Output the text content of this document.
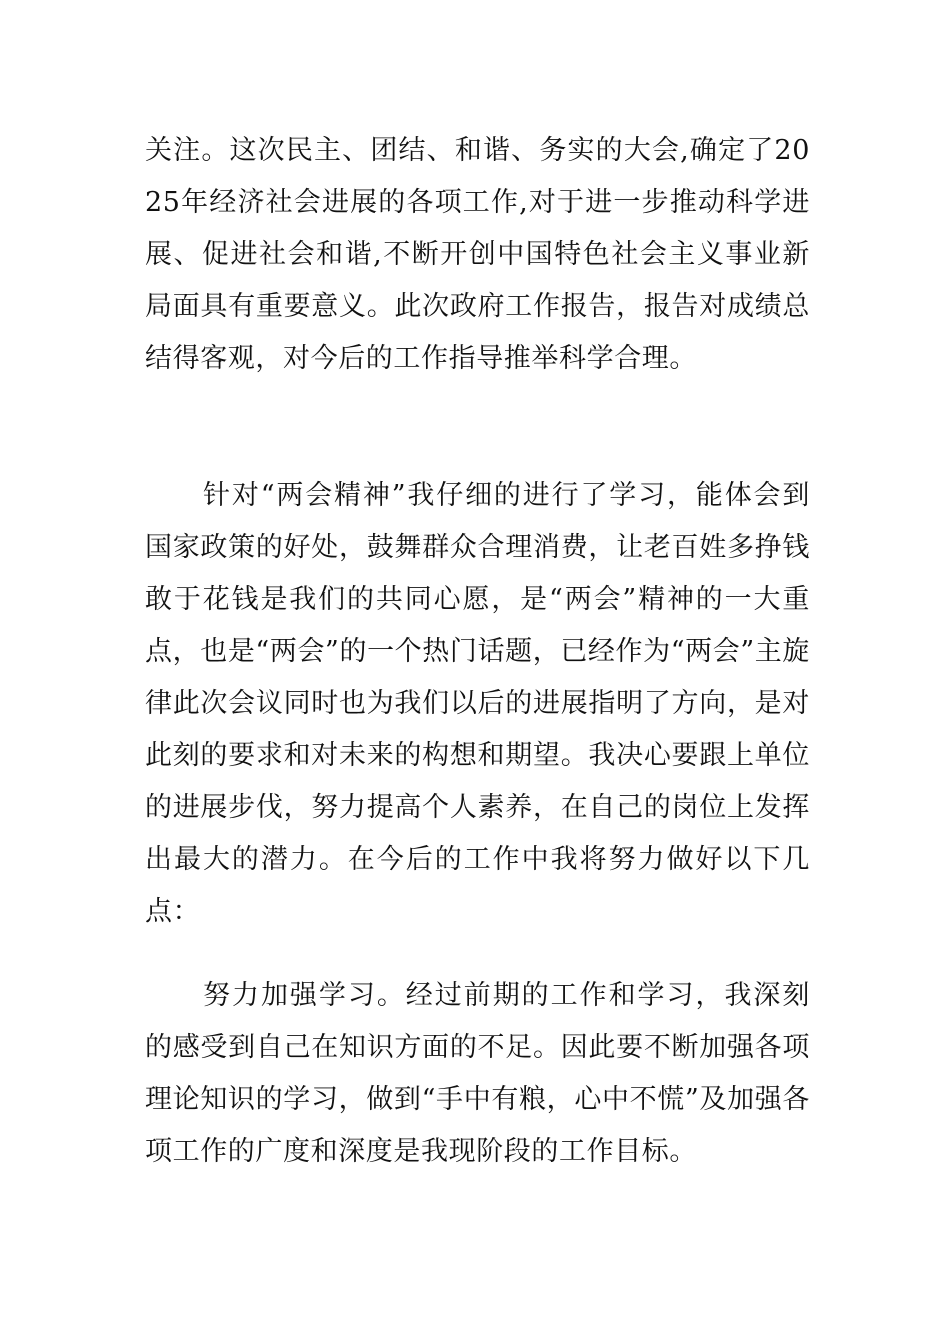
关注。这次民主、团结、和谐、务实的大会,确定了2025年经济社会进展的各项工作,对于进一步推动科学进展、促进社会和谐,不断开创中国特色社会主义事业新局面具有重要意义。此次政府工作报告，报告对成绩总结得客观，对今后的工作指导推举科学合理。

针对“两会精神”我仔细的进行了学习，能体会到国家政策的好处，鼓舞群众合理消费，让老百姓多挣钱敢于花钱是我们的共同心愿，是“两会”精神的一大重点，也是“两会”的一个热门话题，已经作为“两会”主旋律此次会议同时也为我们以后的进展指明了方向，是对此刻的要求和对未来的构想和期望。我决心要跟上单位的进展步伐，努力提高个人素养，在自己的岗位上发挥出最大的潜力。在今后的工作中我将努力做好以下几点：

努力加强学习。经过前期的工作和学习，我深刻的感受到自己在知识方面的不足。因此要不断加强各项理论知识的学习，做到“手中有粮，心中不慌”及加强各项工作的广度和深度是我现阶段的工作目标。
